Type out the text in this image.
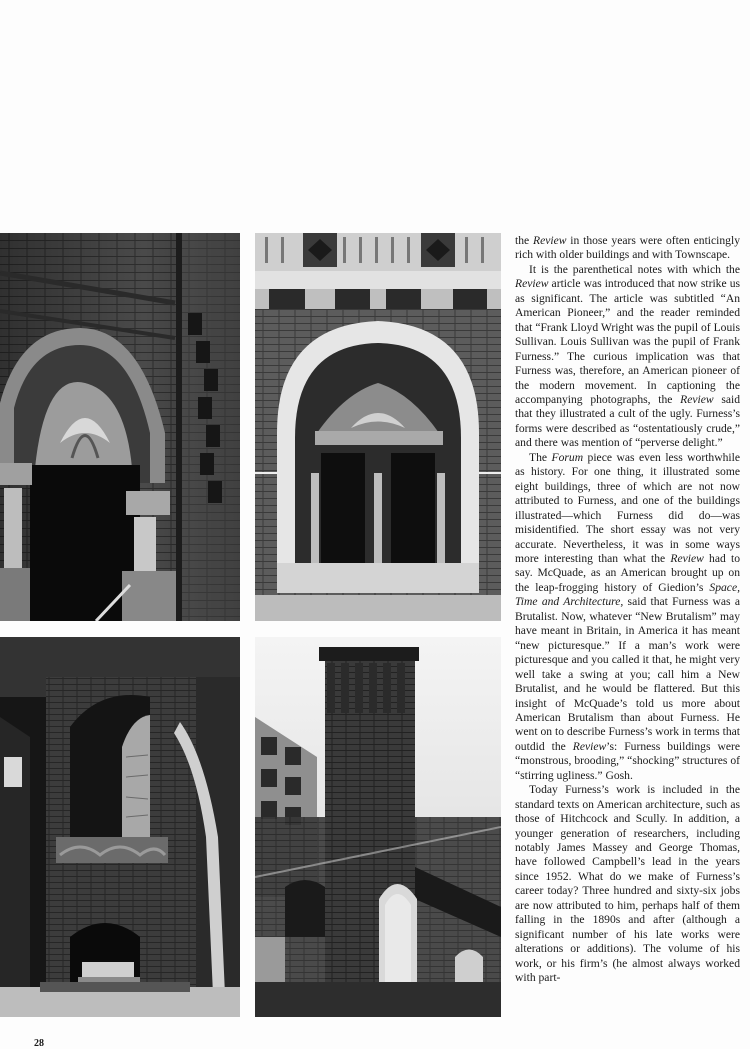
the Review in those years were often enticingly rich with older buildings and with Townscape.

It is the parenthetical notes with which the Review article was introduced that now strike us as significant. The article was subtitled “An American Pioneer,” and the reader reminded that “Frank Lloyd Wright was the pupil of Louis Sullivan. Louis Sullivan was the pupil of Frank Furness.” The curious implication was that Furness was, therefore, an American pioneer of the modern movement. In captioning the accompanying photographs, the Review said that they illustrated a cult of the ugly. Furness’s forms were described as “ostentatiously crude,” and there was mention of “perverse delight.”

The Forum piece was even less worthwhile as history. For one thing, it illustrated some eight buildings, three of which are not now attributed to Furness, and one of the buildings illustrated—which Furness did do—was misidentified. The short essay was not very accurate. Nevertheless, it was in some ways more interesting than what the Review had to say. McQuade, as an American brought up on the leap-frogging history of Giedion’s Space, Time and Architecture, said that Furness was a Brutalist. Now, whatever “New Brutalism” may have meant in Britain, in America it has meant “new picturesque.” If a man’s work were picturesque and you called it that, he might very well take a swing at you; call him a New Brutalist, and he would be flattered. But this insight of McQuade’s told us more about American Brutalism than about Furness. He went on to describe Furness’s work in terms that outdid the Review’s: Furness buildings were “monstrous, brooding,” “shocking” structures of “stirring ugliness.” Gosh.

Today Furness’s work is included in the standard texts on American architecture, such as those of Hitchcock and Scully. In addition, a younger generation of researchers, including notably James Massey and George Thomas, have followed Campbell’s lead in the years since 1952. What do we make of Furness’s career today? Three hundred and sixty-six jobs are now attributed to him, perhaps half of them falling in the 1890s and after (although a significant number of his late works were alterations or additions). The volume of his work, or his firm’s (he almost always worked with part-

28
